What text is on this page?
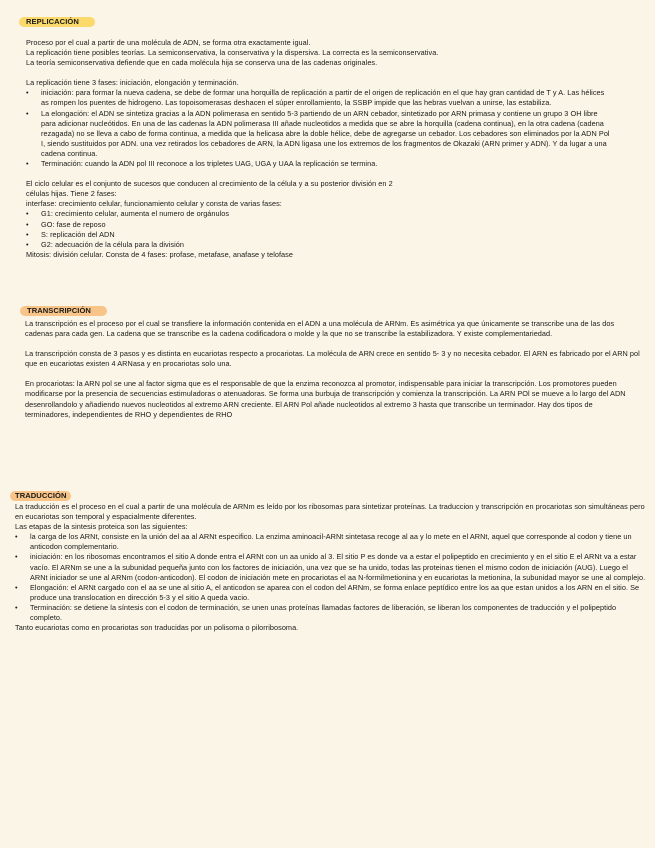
REPLICACIÓN

Proceso por el cual a partir de una molécula de ADN, se forma otra exactamente igual.

La replicación tiene posibles teorías. La semiconservativa, la conservativa y la dispersiva. La correcta es la semiconservativa.

La teoría semiconservativa defiende que en cada molécula hija se conserva una de las cadenas originales.

La replicación tiene 3 fases: iniciación, elongación y terminación.

• iniciación: para formar la nueva cadena, se debe de formar una horquilla de replicación a partir de el origen de replicación en el que hay gran cantidad de T y A. Las hélices as rompen los puentes de hidrogeno. Las topoisomerasas deshacen el súper enrollamiento, la SSBP impide que las hebras vuelvan a unirse, las estabiliza.
• La elongación: el ADN se sintetiza gracias a la ADN polimerasa en sentido 5-3 partiendo de un ARN cebador, sintetizado por ARN primasa y contiene un grupo 3 OH libre para adicionar nucleótidos. En una de las cadenas la ADN polimerasa III añade nucleotidos a medida que se abre la horquilla (cadena continua), en la otra cadena (cadena rezagada) no se lleva a cabo de forma continua, a medida que la helicasa abre la doble hélice, debe de agregarse un cebador. Los cebadores son eliminados por la ADN Pol I, siendo sustituidos por ADN. una vez retirados los cebadores de ARN, la ADN ligasa une los extremos de los fragmentos de Okazaki (ARN primer y ADN). Y da lugar a una cadena continua.
• Terminación: cuando la ADN pol III reconoce a los tripletes UAG, UGA y UAA la replicación se termina.

El ciclo celular es el conjunto de sucesos que conducen al crecimiento de la célula y a su posterior división en 2

células hijas. Tiene 2 fases:

interfase: crecimiento celular, funcionamiento celular y consta de varias fases:

• G1: crecimiento celular, aumenta el numero de orgánulos
• GO: fase de reposo
• S: replicación del ADN
• G2: adecuación de la célula para la división

Mitosis: división celular. Consta de 4 fases: profase, metafase, anafase y telofase

TRANSCRIPCIÓN

La transcripción es el proceso por el cual se transfiere la información contenida en el ADN a una molécula de ARNm. Es asimétrica ya que únicamente se transcribe una de las dos cadenas para cada gen. La cadena que se transcribe es la cadena codificadora o molde y la que no se transcribe la estabilizadora. Y existe complementariedad.

La transcripción consta de 3 pasos y es distinta en eucariotas respecto a procariotas. La molécula de ARN crece en sentido 5- 3 y no necesita cebador. El ARN es fabricado por el ARN pol que en eucariotas existen 4 ARNasa y en procariotas solo una.

En procariotas: la ARN pol se une al factor sigma que es el responsable de que la enzima reconozca al promotor, indispensable para iniciar la transcripción. Los promotores pueden modificarse por la presencia de secuencias estimuladoras o atenuadoras. Se forma una burbuja de transcripción y comienza la transcripción. La ARN POl se mueve a lo largo del ADN desenrollandolo y añadiendo nuevos nucleotidos al extremo ARN creciente. El ARN Pol añade nucleotidos al extremo 3 hasta que transcribe un terminador. Hay dos tipos de terminadores, independientes de RHO y dependientes de RHO

TRADUCCIÓN

La traducción es el proceso en el cual a partir de una molécula de ARNm es leído por los ribosomas para sintetizar proteínas. La traduccion y transcripción en procariotas son simultáneas pero en eucariotas son temporal y espacialmente diferentes.

Las etapas de la sintesis proteica son las siguientes:

• la carga de los ARNt, consiste en la unión del aa al ARNt especifico. La enzima aminoacil-ARNt sintetasa recoge al aa y lo mete en el ARNt, aquel que corresponde al codon y tiene un anticodon complementario.
• iniciación: en los ribosomas encontramos el sitio A donde entra el ARNt con un aa unido al 3. El sitio P es donde va a estar el polipeptido en crecimiento y en el sitio E el ARNt va a estar vacío. El ARNm se une a la subunidad pequeña junto con los factores de iniciación, una vez que se ha unido, todas las proteinas tienen el mismo codon de iniciación (AUG). Luego el ARNt iniciador se une al ARNm (codon-anticodon). El codon de iniciación mete en procariotas el aa N-formilmetionina y en eucariotas la metionina, la subunidad mayor se une al complejo.
• Elongación: el ARNt cargado con el aa se une al sitio A, el anticodon se aparea con el codon del ARNm, se forma enlace peptídico entre los aa que estan unidos a los ARN en el sitio. Se produce una translocation en dirección 5-3 y el sitio A queda vacio.
• Terminación: se detiene la síntesis con el codon de terminación, se unen unas proteínas llamadas factores de liberación, se liberan los componentes de traducción y el polipeptido completo.

Tanto eucariotas como en procariotas son traducidas por un polisoma o pilorribosoma.
